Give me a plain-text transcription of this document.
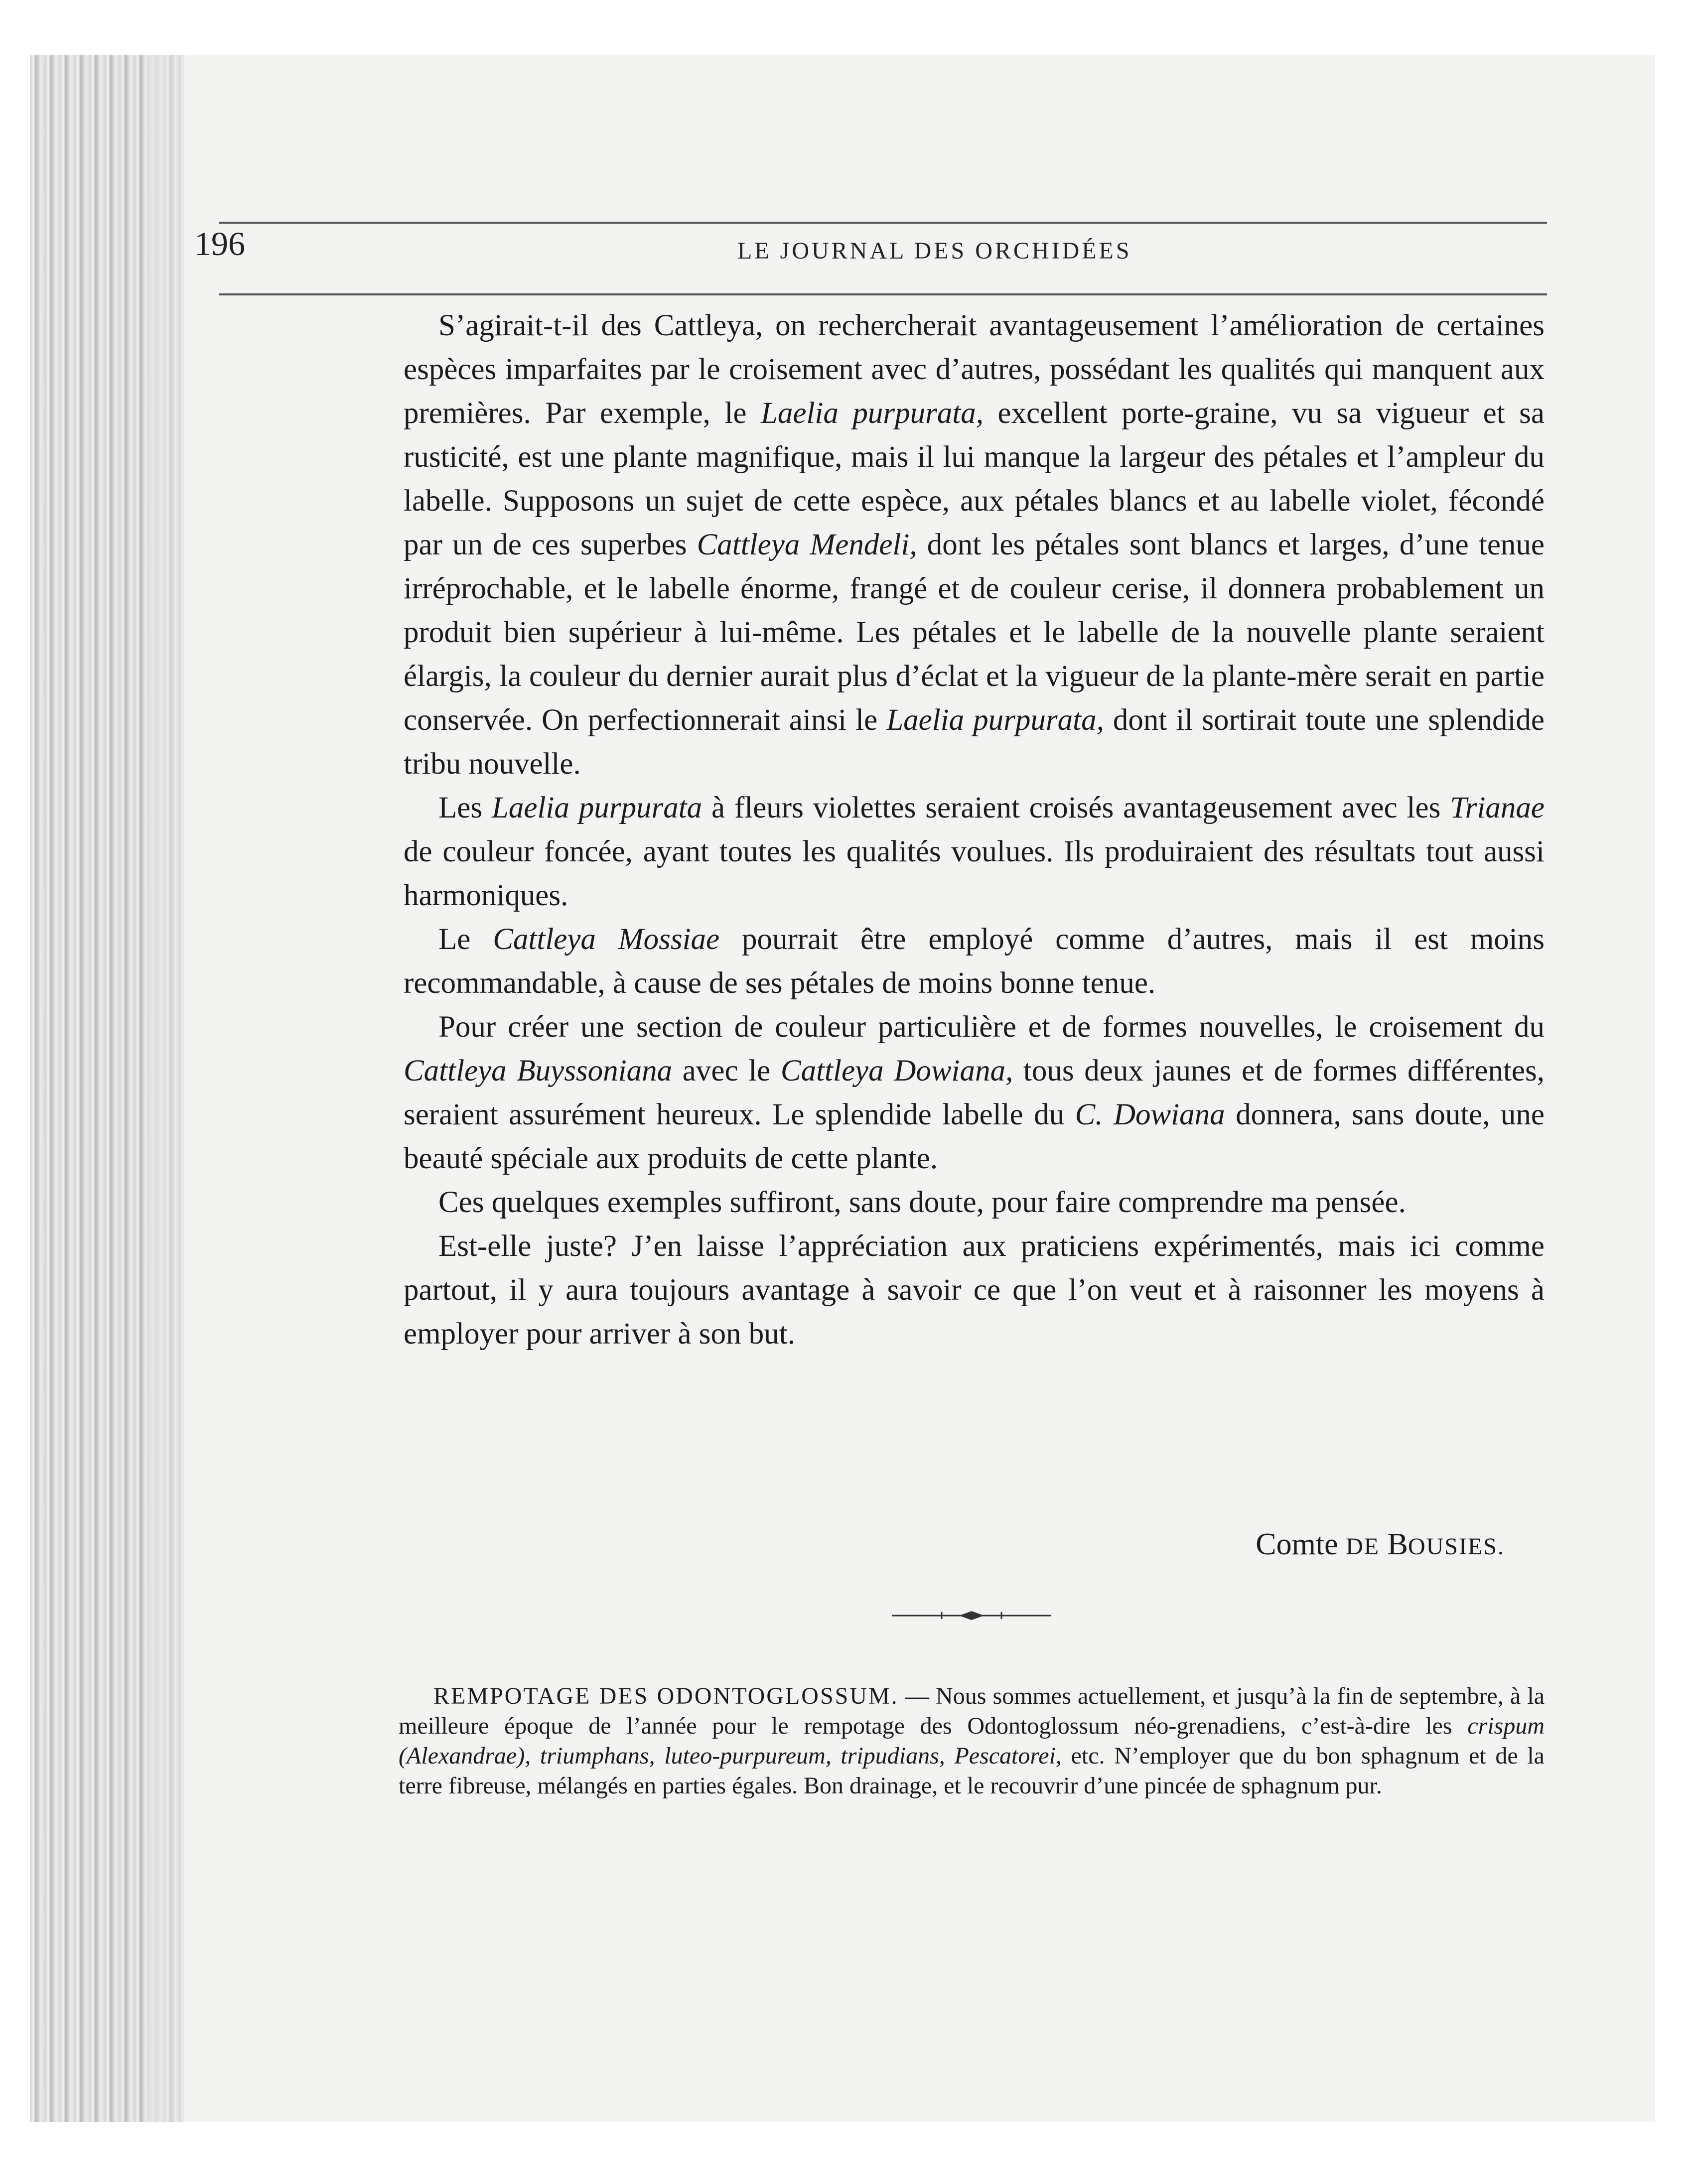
196	LE JOURNAL DES ORCHIDÉES

S’agirait-t-il des Cattleya, on rechercherait avantageusement l’amélioration de certaines espèces imparfaites par le croisement avec d’autres, possédant les qualités qui manquent aux premières. Par exemple, le Laelia purpurata, excellent porte-graine, vu sa vigueur et sa rusticité, est une plante magnifique, mais il lui manque la largeur des pétales et l’ampleur du labelle. Supposons un sujet de cette espèce, aux pétales blancs et au labelle violet, fécondé par un de ces superbes Cattleya Mendeli, dont les pétales sont blancs et larges, d’une tenue irréprochable, et le labelle énorme, frangé et de couleur cerise, il donnera probablement un produit bien supérieur à lui-même. Les pétales et le labelle de la nouvelle plante seraient élargis, la couleur du dernier aurait plus d’éclat et la vigueur de la plante-mère serait en partie conservée. On perfectionnerait ainsi le Laelia purpurata, dont il sortirait toute une splendide tribu nouvelle.

Les Laelia purpurata à fleurs violettes seraient croisés avantageusement avec les Trianae de couleur foncée, ayant toutes les qualités voulues. Ils produiraient des résultats tout aussi harmoniques.

Le Cattleya Mossiae pourrait être employé comme d’autres, mais il est moins recommandable, à cause de ses pétales de moins bonne tenue.

Pour créer une section de couleur particulière et de formes nouvelles, le croisement du Cattleya Buyssoniana avec le Cattleya Dowiana, tous deux jaunes et de formes différentes, seraient assurément heureux. Le splendide labelle du C. Dowiana donnera, sans doute, une beauté spéciale aux produits de cette plante.

Ces quelques exemples suffiront, sans doute, pour faire comprendre ma pensée.

Est-elle juste? J’en laisse l’appréciation aux praticiens expérimentés, mais ici comme partout, il y aura toujours avantage à savoir ce que l’on veut et à raisonner les moyens à employer pour arriver à son but.

Comte DE BOUSIES.

REMPOTAGE DES ODONTOGLOSSUM. — Nous sommes actuellement, et jusqu’à la fin de septembre, à la meilleure époque de l’année pour le rempotage des Odontoglossum néo-grenadiens, c’est-à-dire les crispum (Alexandrae), triumphans, luteo-purpureum, tripudians, Pescatorei, etc. N’employer que du bon sphagnum et de la terre fibreuse, mélangés en parties égales. Bon drainage, et le recouvrir d’une pincée de sphagnum pur.
